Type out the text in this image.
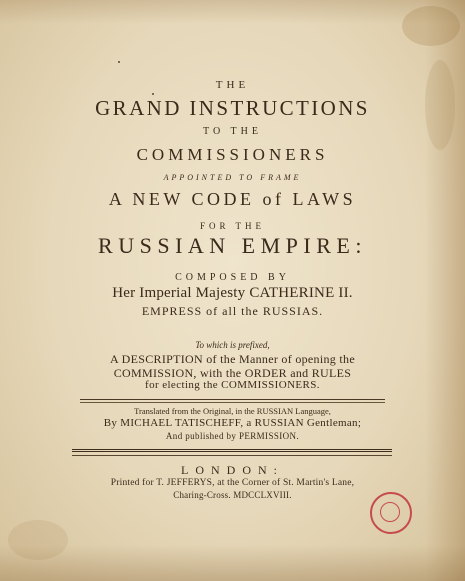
THE
GRAND INSTRUCTIONS
TO THE
COMMISSIONERS
APPOINTED TO FRAME
A NEW CODE of LAWS
FOR THE
RUSSIAN EMPIRE:
COMPOSED BY
Her Imperial Majesty CATHERINE II.
EMPRESS of all the RUSSIAS.
To which is prefixed,
A DESCRIPTION of the Manner of opening the
COMMISSION, with the ORDER and RULES
for electing the COMMISSIONERS.
Translated from the Original, in the RUSSIAN Language,
By MICHAEL TATISCHEFF, a RUSSIAN Gentleman;
And published by PERMISSION.
LONDON:
Printed for T. JEFFERYS, at the Corner of St. Martin's Lane,
Charing-Cross. MDCCLXVIII.
